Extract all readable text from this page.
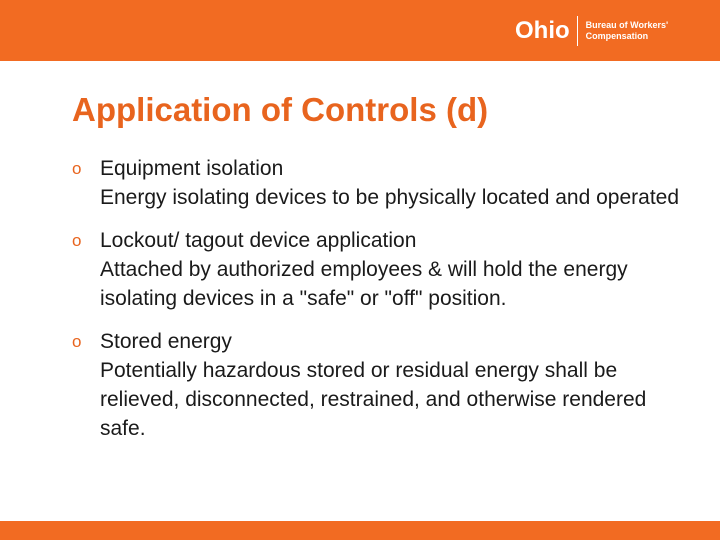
Ohio Bureau of Workers'
Compensation
Application of Controls (d)
o Equipment isolation
Energy isolating devices to be physically located and operated
o Lockout/ tagout device application
Attached by authorized employees & will hold the energy isolating devices in a "safe" or "off" position.
o Stored energy
Potentially hazardous stored or residual energy shall be relieved, disconnected, restrained, and otherwise rendered safe.
